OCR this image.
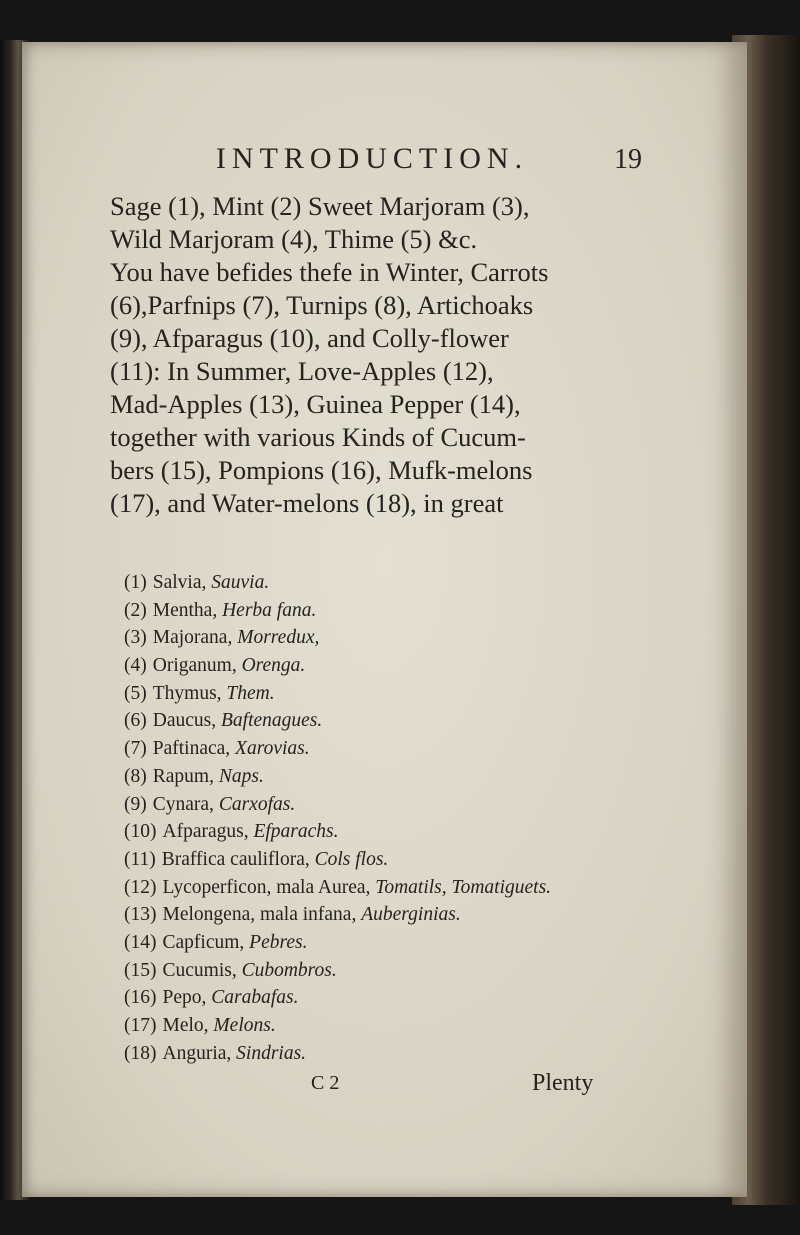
INTRODUCTION.	19

Sage (1), Mint (2) Sweet Marjoram (3),

Wild Marjoram (4), Thime (5) &c.

You have befides thefe in Winter, Carrots

(6),Parfnips (7), Turnips (8), Artichoaks

(9), Afparagus (10), and Colly-flower

(11): In Summer, Love-Apples (12),

Mad-Apples (13), Guinea Pepper (14),

together with various Kinds of Cucum-

bers (15), Pompions (16), Mufk-melons

(17), and Water-melons (18), in great

(1) Salvia, Sauvia.
(2) Mentha, Herba fana.
(3) Majorana, Morredux,
(4) Origanum, Orenga.
(5) Thymus, Them.
(6) Daucus, Baftenagues.
(7) Paftinaca, Xarovias.
(8) Rapum, Naps.
(9) Cynara, Carxofas.
(10) Afparagus, Efparachs.
(11) Braffica cauliflora, Cols flos.
(12) Lycoperficon, mala Aurea, Tomatils, Tomatiguets.
(13) Melongena, mala infana, Auberginias.
(14) Capficum, Pebres.
(15) Cucumis, Cubombros.
(16) Pepo, Carabafas.
(17) Melo, Melons.
(18) Anguria, Sindrias.
C 2	Plenty
